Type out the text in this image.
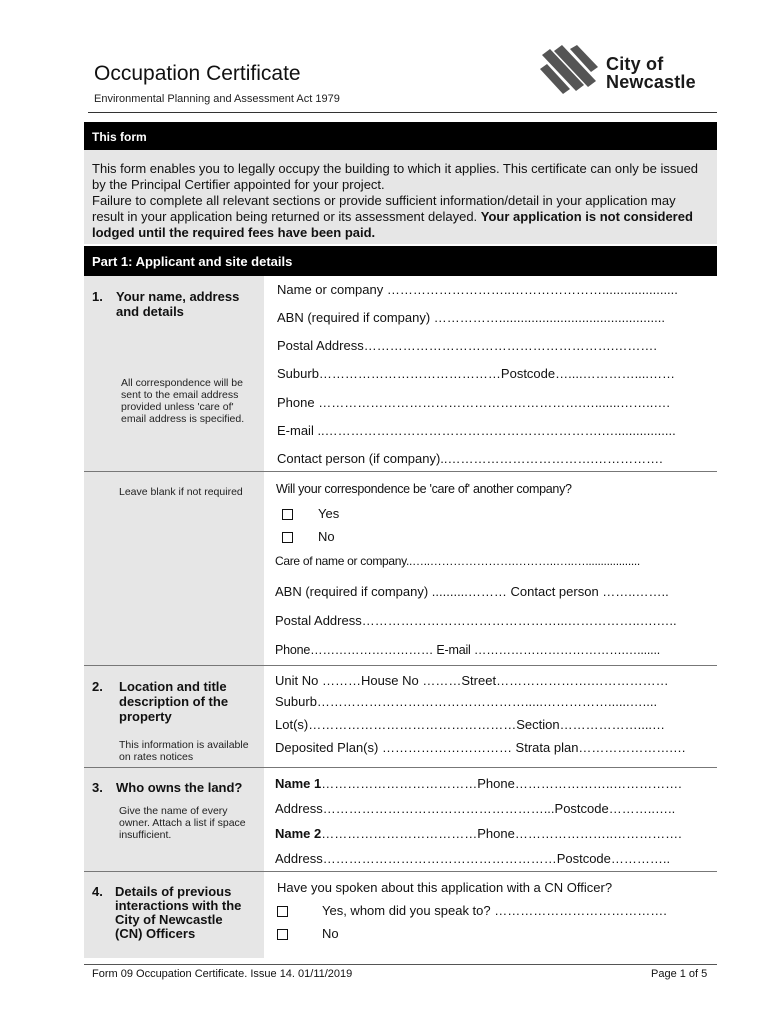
Occupation Certificate
Environmental Planning and Assessment Act 1979
City of
Newcastle
This form

This form enables you to legally occupy the building to which it applies. This certificate can only be issued by the Principal Certifier appointed for your project.

Failure to complete all relevant sections or provide sufficient information/detail in your application may result in your application being returned or its assessment delayed. Your application is not considered lodged until the required fees have been paid.

Part 1: Applicant and site details
1. Your name, address
and details
All correspondence will be sent to the email address provided unless 'care of' email address is specified.
Name or company ………………………..………………….....................
ABN (required if company) ……………..............................................
Postal Address………………………………………………….……….
Suburb……………………………………Postcode…....…………....……
Phone …………………………………………………….….......……..….
E-mail ..……………………………………………………….….................
Contact person (if company)..…………………………….…………….
Leave blank if not required	Will your correspondence be 'care of' another company?
Yes
No
Care of name or company..…..………………….………..…..…..................
ABN (required if company) ..........……… Contact person ……..……..
Postal Address………………………………………...……………..….…..
Phone………………………… E-mail ……………………………….….......
2. Location and title
description of the
property
This information is available on rates notices
Unit No ………House No ………Street………………….………………
Suburb………………………………………….....……………......…....
Lot(s)…………………………………………Section………………....…
Deposited Plan(s) ………………………… Strata plan………………….…
3. Who owns the land?
Give the name of every owner. Attach a list if space insufficient.
Name 1………………………………Phone…………………..…………….
Address……………………………………………...Postcode………..…..
Name 2………………………………Phone…………………..…………….
Address………………………………………………Postcode…………..
4. Details of previous
interactions with the
City of Newcastle
(CN) Officers
Have you spoken about this application with a CN Officer?
Yes, whom did you speak to? ………………………………….
No
Form 09 Occupation Certificate. Issue 14. 01/11/2019	Page 1 of 5
